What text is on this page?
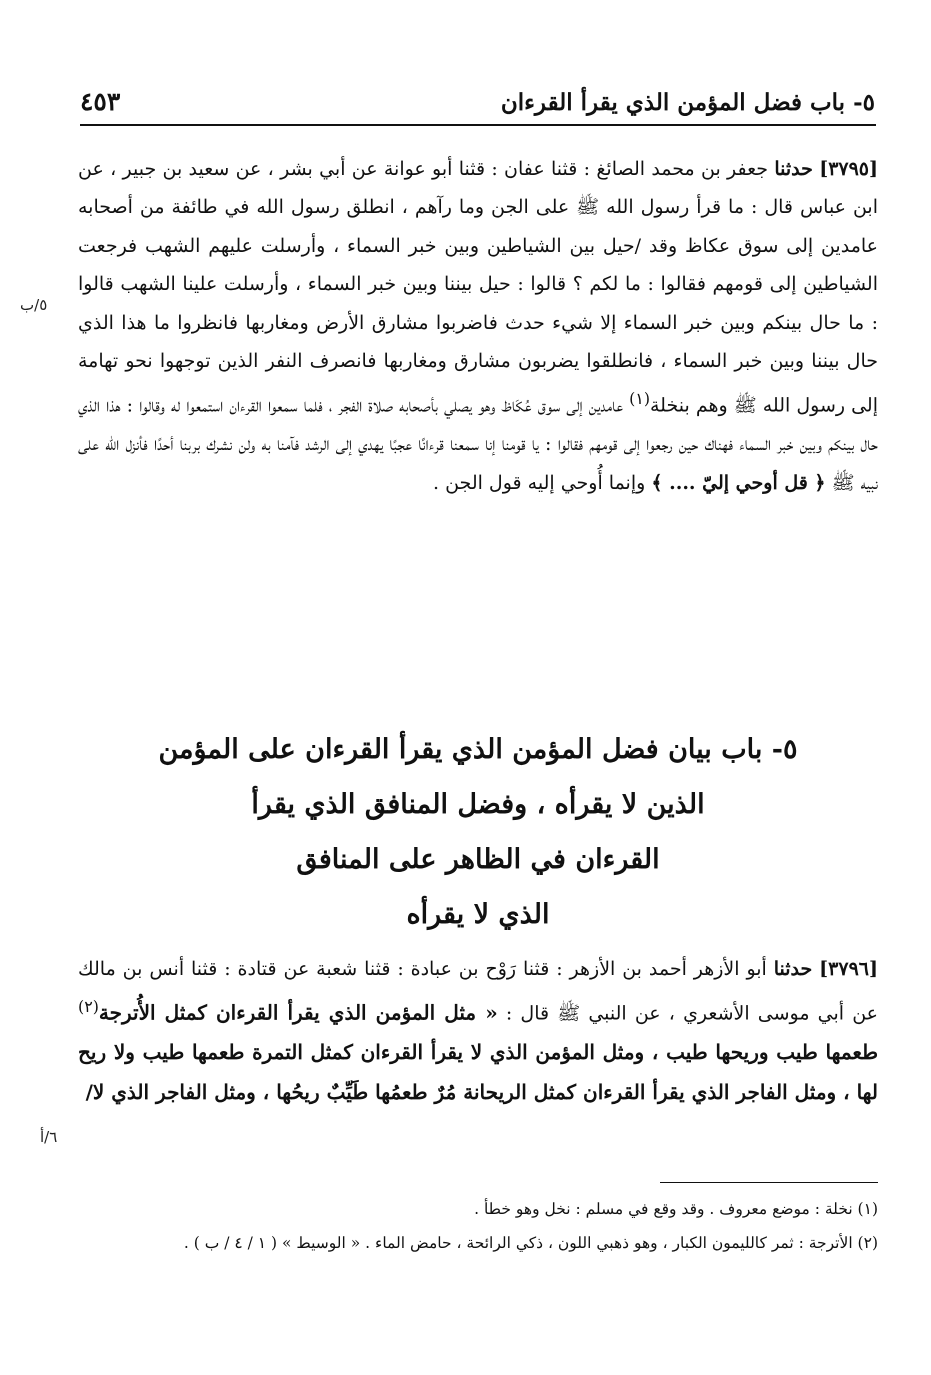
٥- باب فضل المؤمن الذي يقرأ القرءان
٤٥٣
[٣٧٩٥] حدثنا جعفر بن محمد الصائغ : قثنا عفان : قثنا أبو عوانة عن أبي بشر ، عن سعيد بن جبير ، عن ابن عباس قال : ما قرأ رسول الله ﷺ على الجن وما رآهم ، انطلق رسول الله في طائفة من أصحابه عامدين إلى سوق عكاظ وقد /حيل بين الشياطين وبين خبر السماء ، وأرسلت عليهم الشهب فرجعت الشياطين إلى قومهم فقالوا : ما لكم ؟ قالوا : حيل بيننا وبين خبر السماء ، وأرسلت علينا الشهب قالوا : ما حال بينكم وبين خبر السماء إلا شيء حدث فاضربوا مشارق الأرض ومغاربها فانظروا ما هذا الذي حال بيننا وبين خبر السماء ، فانطلقوا يضربون مشارق ومغاربها فانصرف النفر الذين توجهوا نحو تهامة إلى رسول الله ﷺ وهم بنخلة$^{(١)}$ عامدين إلى سوق عُكَاظ وهو يصلي بأصحابه صلاة الفجر ، فلما سمعوا القرءان استمعوا له وقالوا : هذا الذي حال بينكم وبين خبر السماء فهناك حين رجعوا إلى قومهم فقالوا : يا قومنا إنا سمعنا قرءانًا عجبًا يهدي إلى الرشد فآمنا به ولن نشرك بربنا أحدًا فأنزل الله على نبيه ﷺ ﴿ قل أوحي إليّ .... ﴾ وإنما أُوحي إليه قول الجن .
٥- باب بيان فضل المؤمن الذي يقرأ القرءان على المؤمن
الذين لا يقرأه ، وفضل المنافق الذي يقرأ
القرءان في الظاهر على المنافق
الذي لا يقرأه
[٣٧٩٦] حدثنا أبو الأزهر أحمد بن الأزهر : قثنا رَوْح بن عبادة : قثنا شعبة عن قتادة : قثنا أنس بن مالك عن أبي موسى الأشعري ، عن النبي ﷺ قال : « مثل المؤمن الذي يقرأ القرءان كمثل الأُترجة$^{(٢)}$ طعمها طيب وريحها طيب ، ومثل المؤمن الذي لا يقرأ القرءان كمثل التمرة طعمها طيب ولا ريح لها ، ومثل الفاجر الذي يقرأ القرءان كمثل الريحانة مُرٌ طعمُها طَيِّبٌ ريحُها ، ومثل الفاجر الذي لا/
٥/ب
٦/أ
(١) نخلة : موضع معروف . وقد وقع في مسلم : نخل وهو خطأ .
(٢) الأترجة : ثمر كالليمون الكبار ، وهو ذهبي اللون ، ذكي الرائحة ، حامض الماء . « الوسيط » ( ١ / ٤ / ب ) .
